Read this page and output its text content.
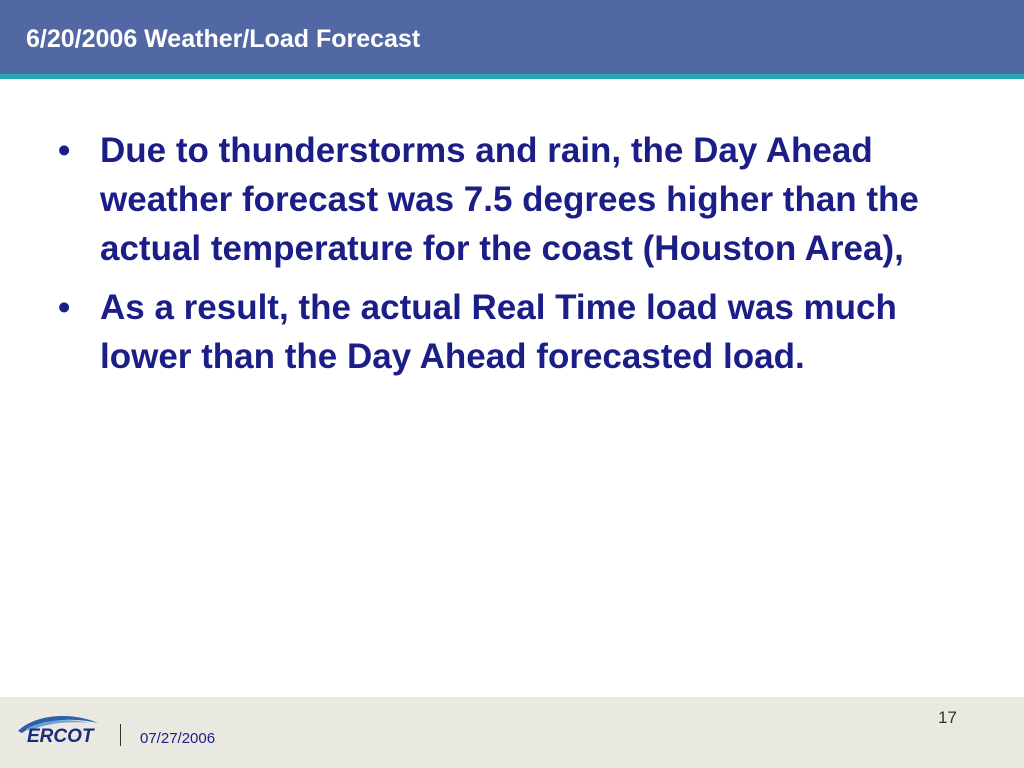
6/20/2006 Weather/Load Forecast
• Due to thunderstorms and rain, the Day Ahead weather forecast was 7.5 degrees higher than the actual temperature for the coast (Houston Area),
• As a result, the actual Real Time load was much lower than the Day Ahead forecasted load.
ERCOT	07/27/2006
17
